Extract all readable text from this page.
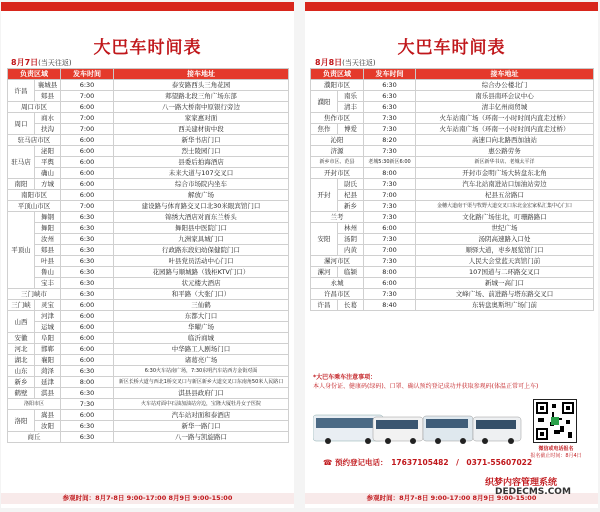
大巴车时间表
8月7日(当天往返)
负责区域		发车时间	接车地址
许昌	襄城县	6:30	泰安路西头三角花园
	郏县	7:00	郏望路北段三角广场东部
周口市区		6:00	八一路大桥南中原银行旁边
周口	商水	7:00	家家惠对面
	扶沟	7:00	西关建材街中段
驻马店市区		6:00	新华书店门口
驻马店	泌阳	6:00	烈士陵园门口
	平舆	6:00	县委后拍海酒店
	确山	6:00	未来大道与107交叉口
南阳	方城	6:00	综合市场院内坐车
南阳市区		6:00	解放广场
平顶山市区		7:00	建设路与体育路交叉口北30米眼宾馆门口
平顶山	舞钢	6:30	锦绣大酒店对面东兰桥头
	舞阳	6:30	舞阳县中医院门口
	汝州	6:30	九洲家具城门口
	郏县	6:30	行政路东段妇幼保健院门口
	叶县	6:30	叶县党员活动中心门口
	鲁山	6:30	花园路与顺城路（钱柜KTV门口）
	宝丰	6:30	状元楼大酒店
三门峡市		6:30	和平路（大张门口）
三门峡	灵宝	6:00	三仙鹤
山西	河津	6:00	东都大门口
	运城	6:00	华曜广场
安徽	阜阳	6:00	临沂商城
河北	邯郸	6:00	中华路工人剧场门口
湖北	襄阳	6:00	诸葛亮广场
山东	菏泽	6:30	6:30火车站南广场，7:30东明汽车站西方金街对面
新乡	延津	8:00	新区长桥大道与西北1桥交叉口与新区新乡大道交叉口东南角50米人民路口
鹤壁	淇县	6:30	淇县县政府门口
洛阳市区		7:30	火车站对面中石油加油站旁边，宝隆大厦牡丹女子医院
洛阳	嵩县	6:00	汽车站对面和泰酒店
	汝阳	6:30	新华一路门口
商丘		6:30	八一路与凯旋路口
参观时间：8月7-8日 9:00-17:00 8月9日 9:00-15:00
大巴车时间表
8月8日(当天往返)
负责区域		发车时间	接车地址
濮阳市区		6:30	综合办公楼北门
濮阳	南乐	6:30	南乐县南环会议中心
	清丰	6:30	清丰亿州商贸城
焦作市区		7:30	火车站南广场（环南一小时时间内直走过桥）
焦作	博爱	7:30	火车站南广场（环南一小时时间内直走过桥）
沁阳		8:20	高速口向北路西加油站
济源		7:30	惠公路劳务
新乡市区、范县		老城5:30新区6:00	新区新华书店、老城太平洋
开封市区		8:00	开封市金明广场大转盘东北角
开封	尉氏	7:30	汽车北站南进站口加油站旁边
	杞县	7:00	杞县五岔路口
	新乡	7:30	金穗大道南干渠与牧野大道交叉口东北金宏家私汇集中心门口
兰考		7:30	文化路广场往北，叮珊路路口
安阳	林州	6:00	世纪广场
	汤阴	7:30	汤阴高速路入口处
	内黄	7:00	顺驿大道，枣乡展览馆门口
漯河市区		7:30	人民大会堂蓝天宾馆门前
漯河	临颍	8:00	107国道与二环路交叉口
永城		6:00	新城一高门口
许昌市区		7:30	文峰广场、前进路与塔东路交叉口
许昌	长葛	8:40	东转盘奥斯坦广场门前
*大巴车乘车注意事项：
本人身份证、健康码(绿码)、口罩、确认预约登记成功并获取参观码(体温正常可上车)
微信或电话报名
报名截止时间：8月4日
☎ 预约登记电话：　 17637105482　/　0371-55607022
参观时间：8月7-8日 9:00-17:00 8月9日 9:00-15:00
织梦内容管理系统
DEDECMS.COM
